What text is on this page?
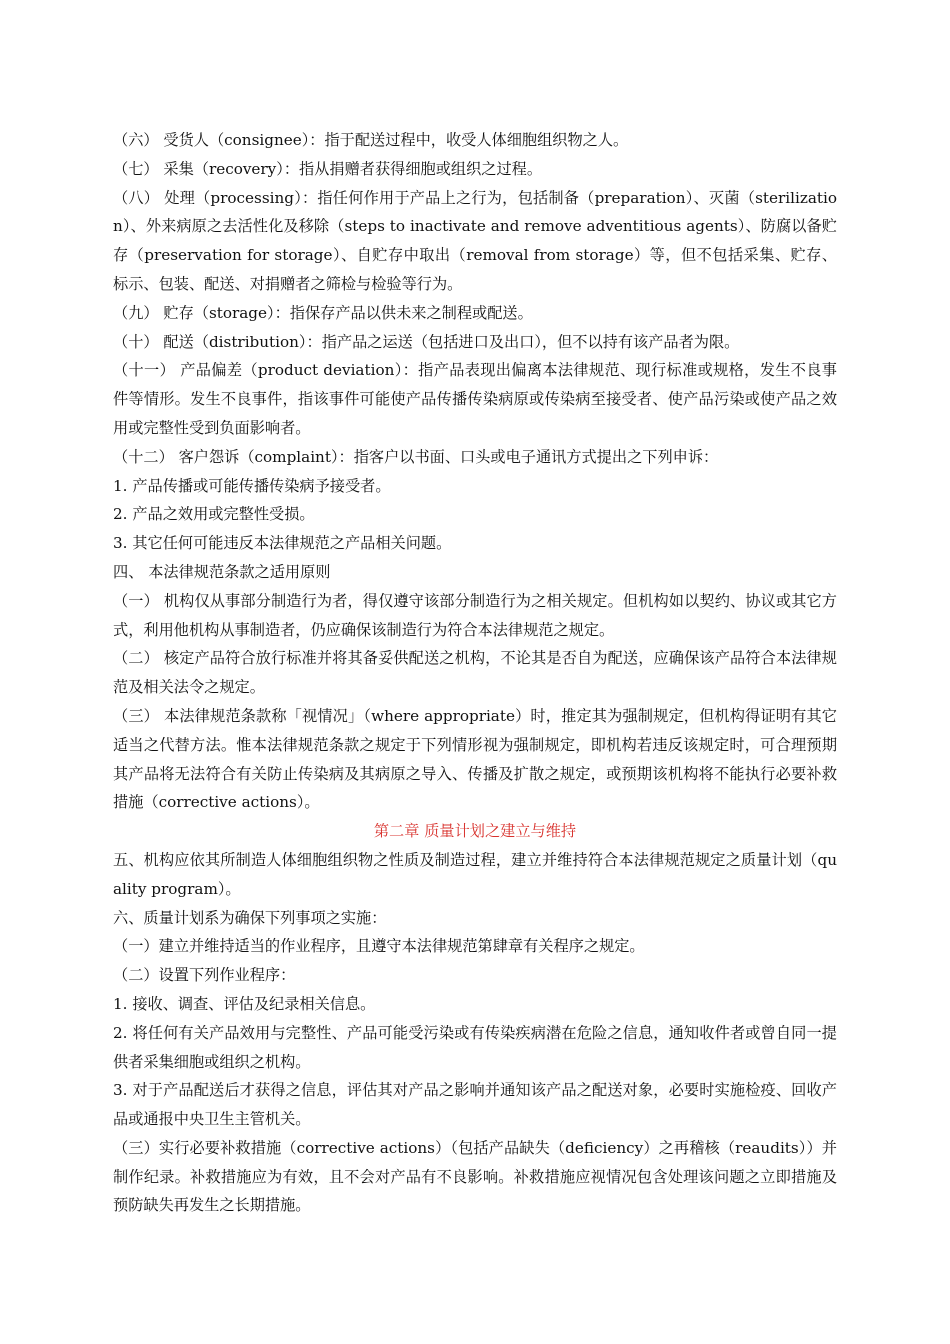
（六） 受货人（consignee）：指于配送过程中，收受人体细胞组织物之人。

（七） 采集（recovery）：指从捐赠者获得细胞或组织之过程。

（八） 处理（processing）：指任何作用于产品上之行为，包括制备（preparation）、灭菌（sterilization）、外来病原之去活性化及移除（steps to inactivate and remove adventitious agents）、防腐以备贮存（preservation for storage）、自贮存中取出（removal from storage）等，但不包括采集、贮存、标示、包装、配送、对捐赠者之筛检与检验等行为。

（九） 贮存（storage）：指保存产品以供未来之制程或配送。

（十） 配送（distribution）：指产品之运送（包括进口及出口），但不以持有该产品者为限。

（十一） 产品偏差（product deviation）：指产品表现出偏离本法律规范、现行标准或规格，发生不良事件等情形。发生不良事件，指该事件可能使产品传播传染病原或传染病至接受者、使产品污染或使产品之效用或完整性受到负面影响者。

（十二） 客户怨诉（complaint）：指客户以书面、口头或电子通讯方式提出之下列申诉：

1. 产品传播或可能传播传染病予接受者。

2. 产品之效用或完整性受损。

3. 其它任何可能违反本法律规范之产品相关问题。

四、 本法律规范条款之适用原则

（一） 机构仅从事部分制造行为者，得仅遵守该部分制造行为之相关规定。但机构如以契约、协议或其它方式，利用他机构从事制造者，仍应确保该制造行为符合本法律规范之规定。

（二） 核定产品符合放行标准并将其备妥供配送之机构，不论其是否自为配送，应确保该产品符合本法律规范及相关法令之规定。

（三） 本法律规范条款称「视情况」（where appropriate）时，推定其为强制规定，但机构得证明有其它适当之代替方法。惟本法律规范条款之规定于下列情形视为强制规定，即机构若违反该规定时，可合理预期其产品将无法符合有关防止传染病及其病原之导入、传播及扩散之规定，或预期该机构将不能执行必要补救措施（corrective actions）。

第二章 质量计划之建立与维持

五、机构应依其所制造人体细胞组织物之性质及制造过程，建立并维持符合本法律规范规定之质量计划（quality program）。

六、质量计划系为确保下列事项之实施：

（一）建立并维持适当的作业程序，且遵守本法律规范第肆章有关程序之规定。

（二）设置下列作业程序：

1. 接收、调查、评估及纪录相关信息。

2. 将任何有关产品效用与完整性、产品可能受污染或有传染疾病潜在危险之信息，通知收件者或曾自同一提供者采集细胞或组织之机构。

3. 对于产品配送后才获得之信息，评估其对产品之影响并通知该产品之配送对象，必要时实施检疫、回收产品或通报中央卫生主管机关。

（三）实行必要补救措施（corrective actions）（包括产品缺失（deficiency）之再稽核（reaudits））并制作纪录。补救措施应为有效，且不会对产品有不良影响。补救措施应视情况包含处理该问题之立即措施及预防缺失再发生之长期措施。
